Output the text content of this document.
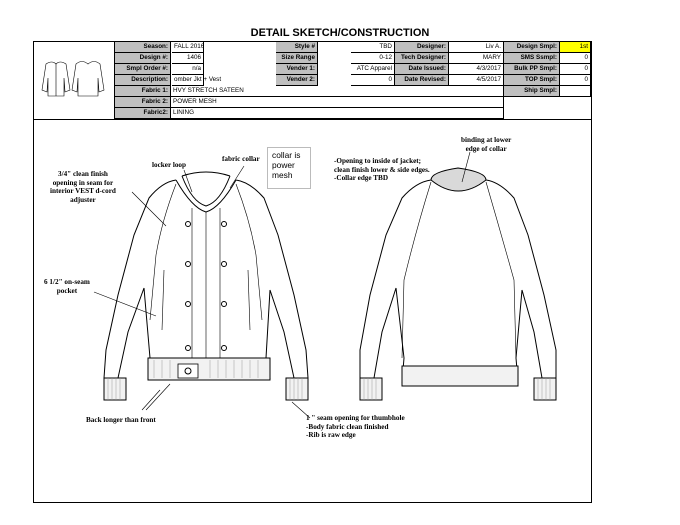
DETAIL SKETCH/CONSTRUCTION
Season: FALL 2016	Style #	TBD	Designer:	Liv A.	Design Smpl:	1st
Design #:	1406	Size Range	0-12	Tech Designer:	MARY	SMS Ssmpl:	0
Smpl Order #:	n/a	Vender 1:	ATC Apparel	Date Issued:	4/3/2017	Bulk PP Smpl:	0
Description: omber Jkt + Vest	Vender 2:	0	Date Revised:	4/5/2017	TOP Smpl:	0
Fabric 1: HVY STRETCH SATEEN	Ship Smpl:
Fabric 2: POWER MESH
Fabric2: LINING
3/4" clean finish
opening in seam for
interior VEST d-cord
adjuster
locker loop
fabric collar	-Opening to inside of jacket;
clean finish lower & side edges.
-Collar edge TBD
binding at lower
edge of collar
6 1/2" on-seam
pocket
Back longer than front	1 " seam opening for thumbhole
-Body fabric clean finished
-Rib is raw edge
collar is power mesh
